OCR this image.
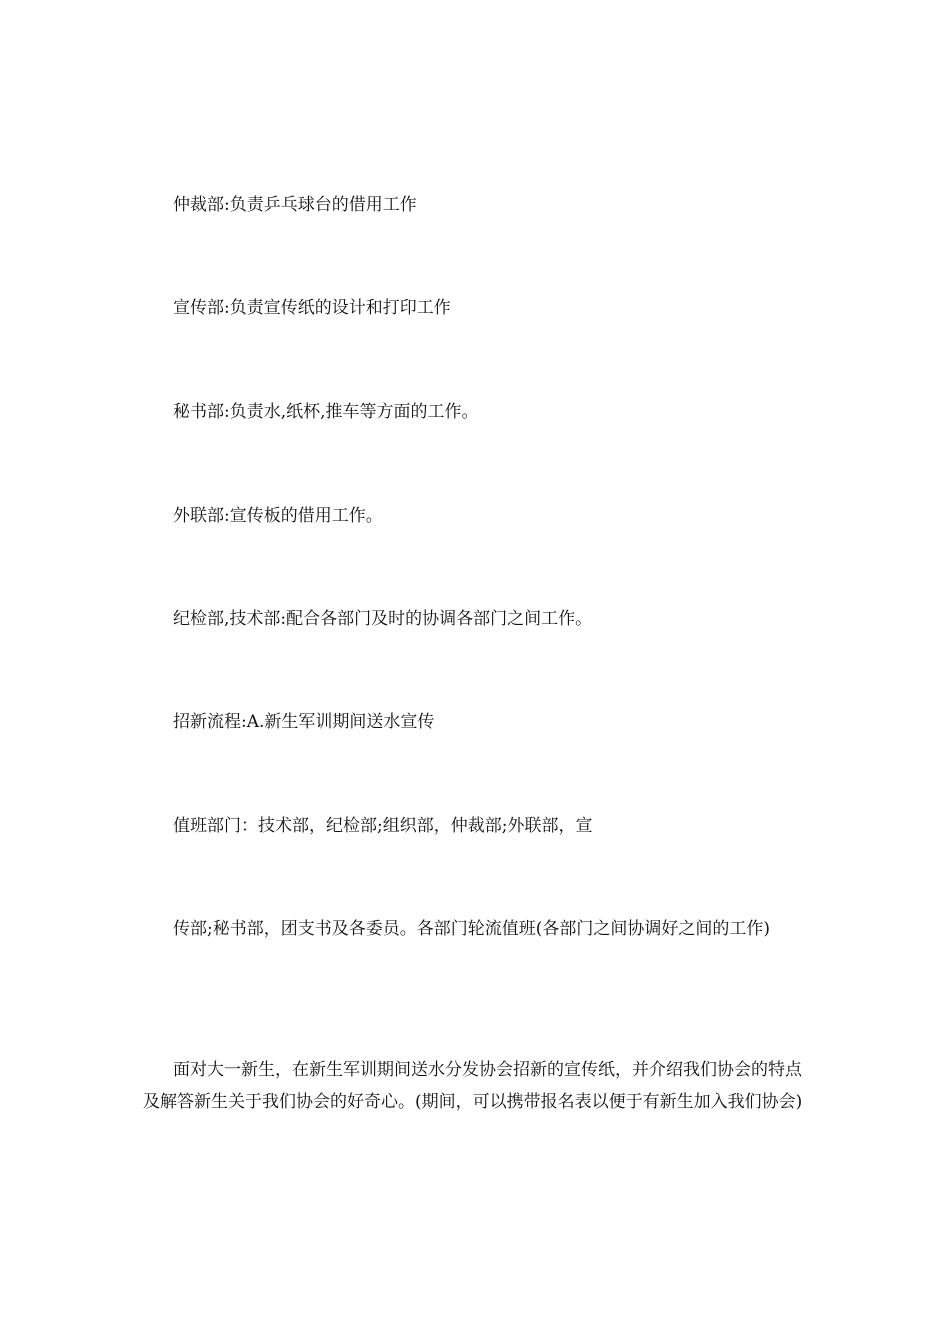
仲裁部:负责乒乓球台的借用工作

宣传部:负责宣传纸的设计和打印工作

秘书部:负责水,纸杯,推车等方面的工作。

外联部:宣传板的借用工作。

纪检部,技术部:配合各部门及时的协调各部门之间工作。

招新流程:A.新生军训期间送水宣传

值班部门：技术部，纪检部;组织部，仲裁部;外联部，宣

传部;秘书部，团支书及各委员。各部门轮流值班(各部门之间协调好之间的工作)

面对大一新生，在新生军训期间送水分发协会招新的宣传纸，并介绍我们协会的特点及解答新生关于我们协会的好奇心。(期间，可以携带报名表以便于有新生加入我们协会)
